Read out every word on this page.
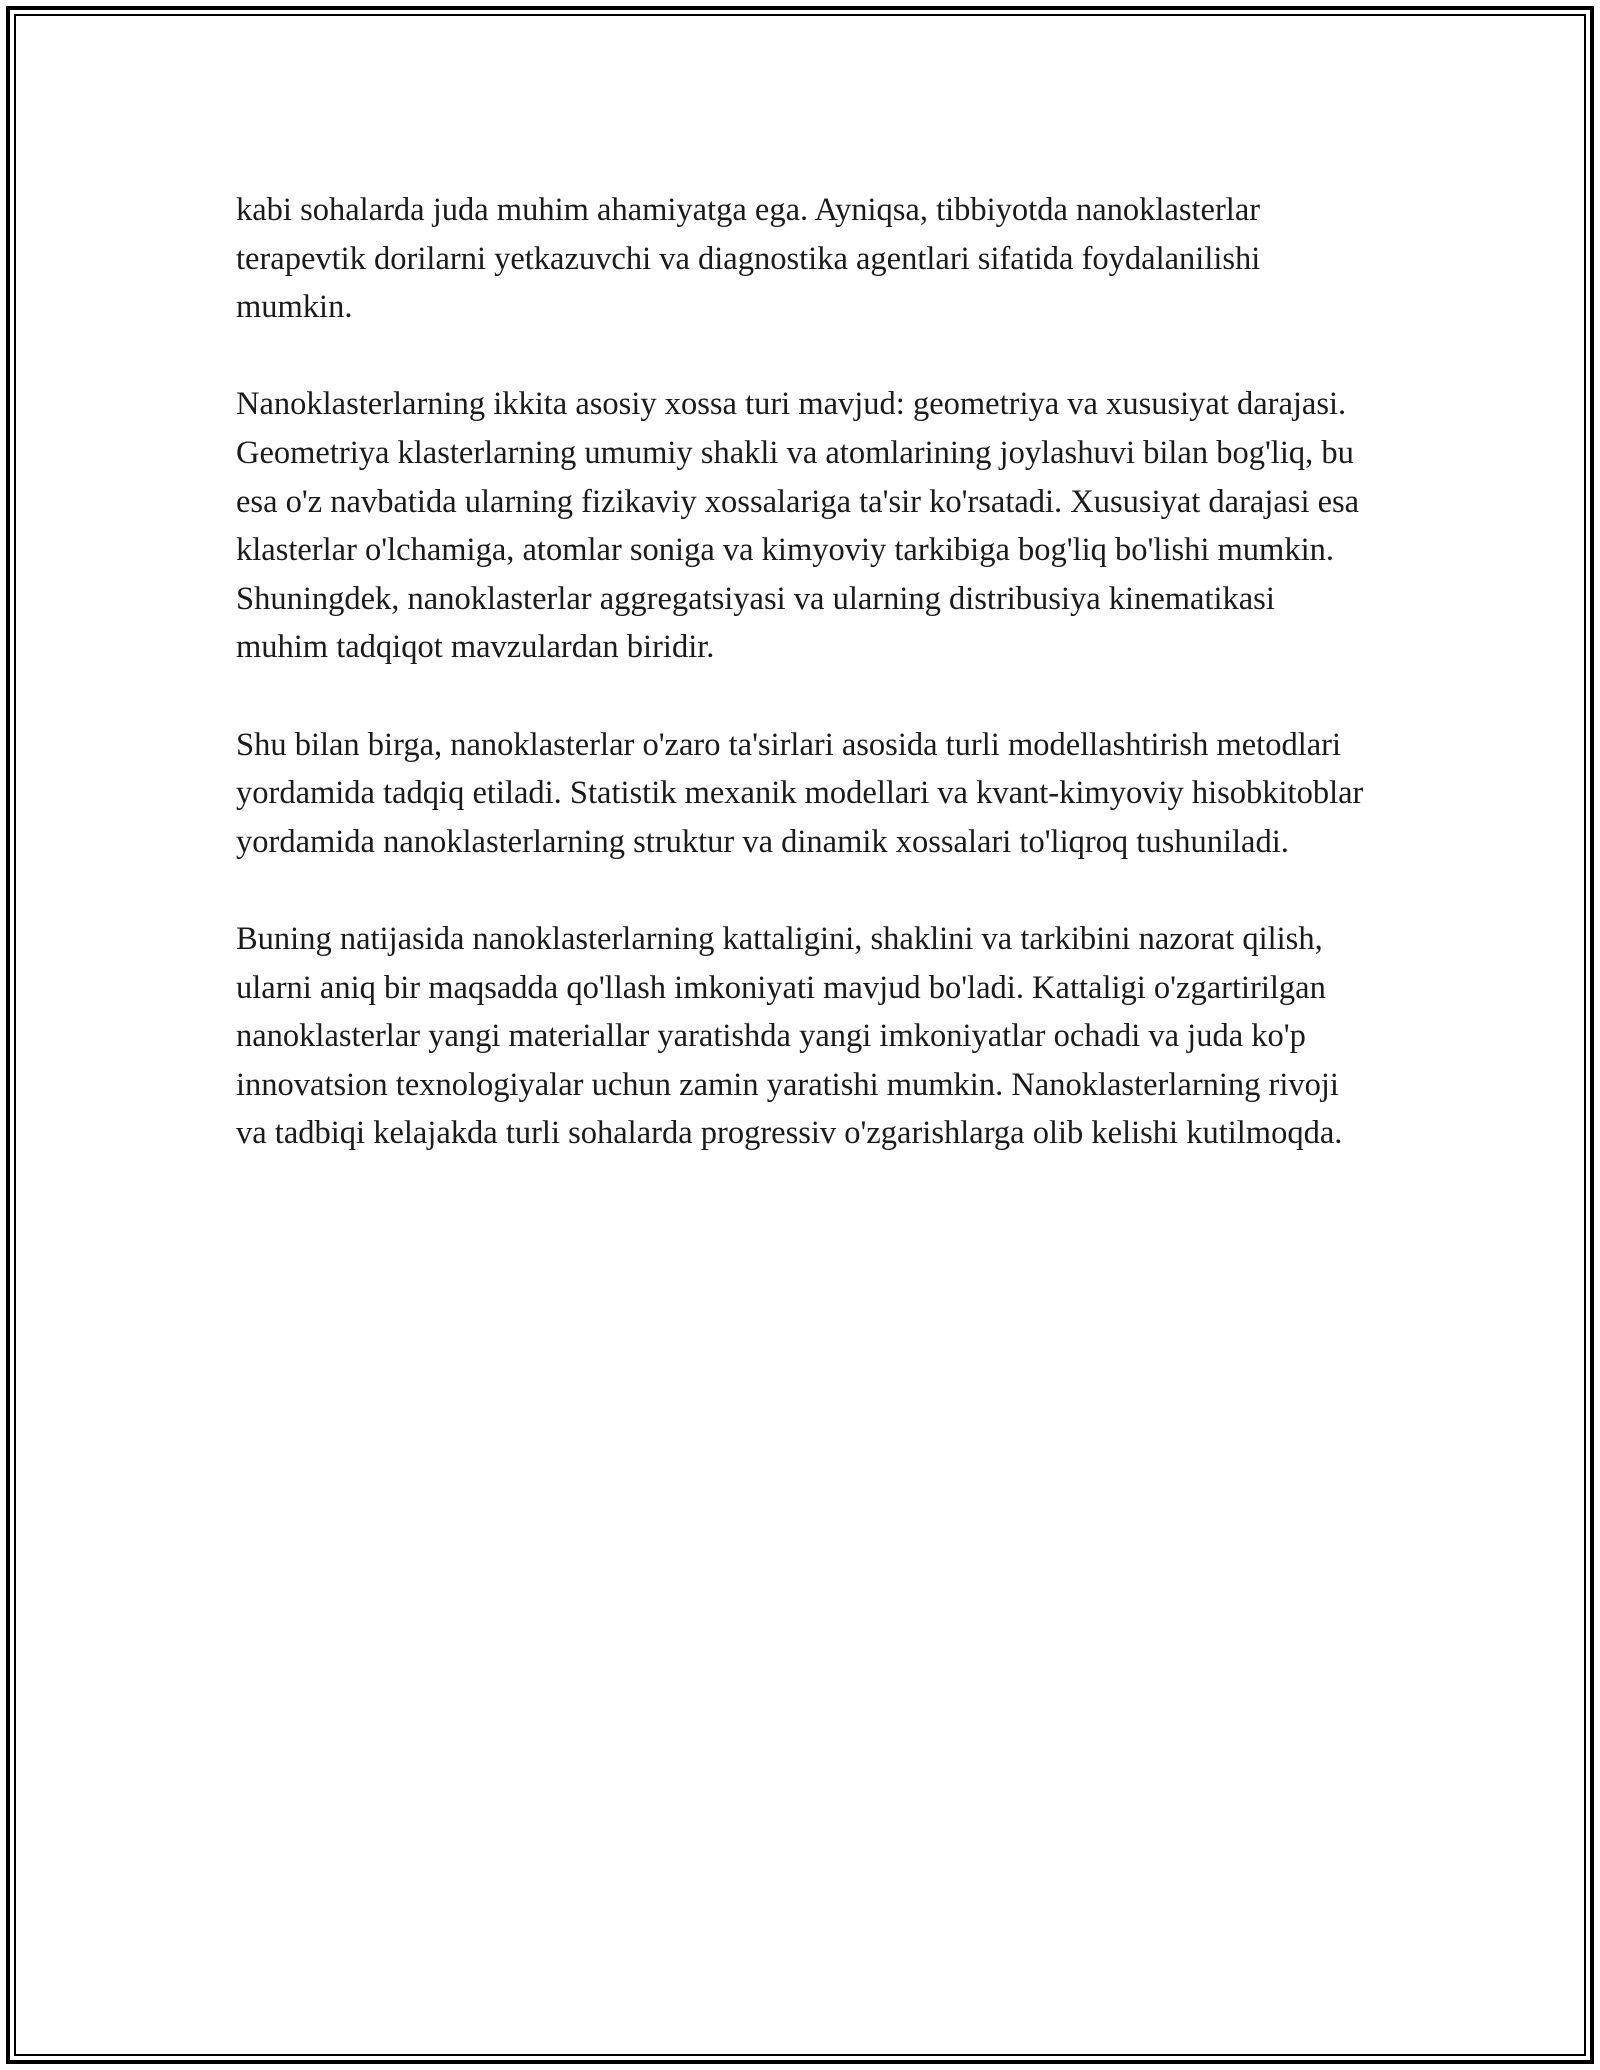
kabi sohalarda juda muhim ahamiyatga ega. Ayniqsa, tibbiyotda nanoklasterlar terapevtik dorilarni yetkazuvchi va diagnostika agentlari sifatida foydalanilishi mumkin.

Nanoklasterlarning ikkita asosiy xossa turi mavjud: geometriya va xususiyat darajasi. Geometriya klasterlarning umumiy shakli va atomlarining joylashuvi bilan bog'liq, bu esa o'z navbatida ularning fizikaviy xossalariga ta'sir ko'rsatadi. Xususiyat darajasi esa klasterlar o'lchamiga, atomlar soniga va kimyoviy tarkibiga bog'liq bo'lishi mumkin. Shuningdek, nanoklasterlar aggregatsiyasi va ularning distribusiya kinematikasi muhim tadqiqot mavzulardan biridir.

Shu bilan birga, nanoklasterlar o'zaro ta'sirlari asosida turli modellashtirish metodlari yordamida tadqiq etiladi. Statistik mexanik modellari va kvant-kimyoviy hisobkitoblar yordamida nanoklasterlarning struktur va dinamik xossalari to'liqroq tushuniladi.

Buning natijasida nanoklasterlarning kattaligini, shaklini va tarkibini nazorat qilish, ularni aniq bir maqsadda qo'llash imkoniyati mavjud bo'ladi. Kattaligi o'zgartirilgan nanoklasterlar yangi materiallar yaratishda yangi imkoniyatlar ochadi va juda ko'p innovatsion texnologiyalar uchun zamin yaratishi mumkin. Nanoklasterlarning rivoji va tadbiqi kelajakda turli sohalarda progressiv o'zgarishlarga olib kelishi kutilmoqda.
